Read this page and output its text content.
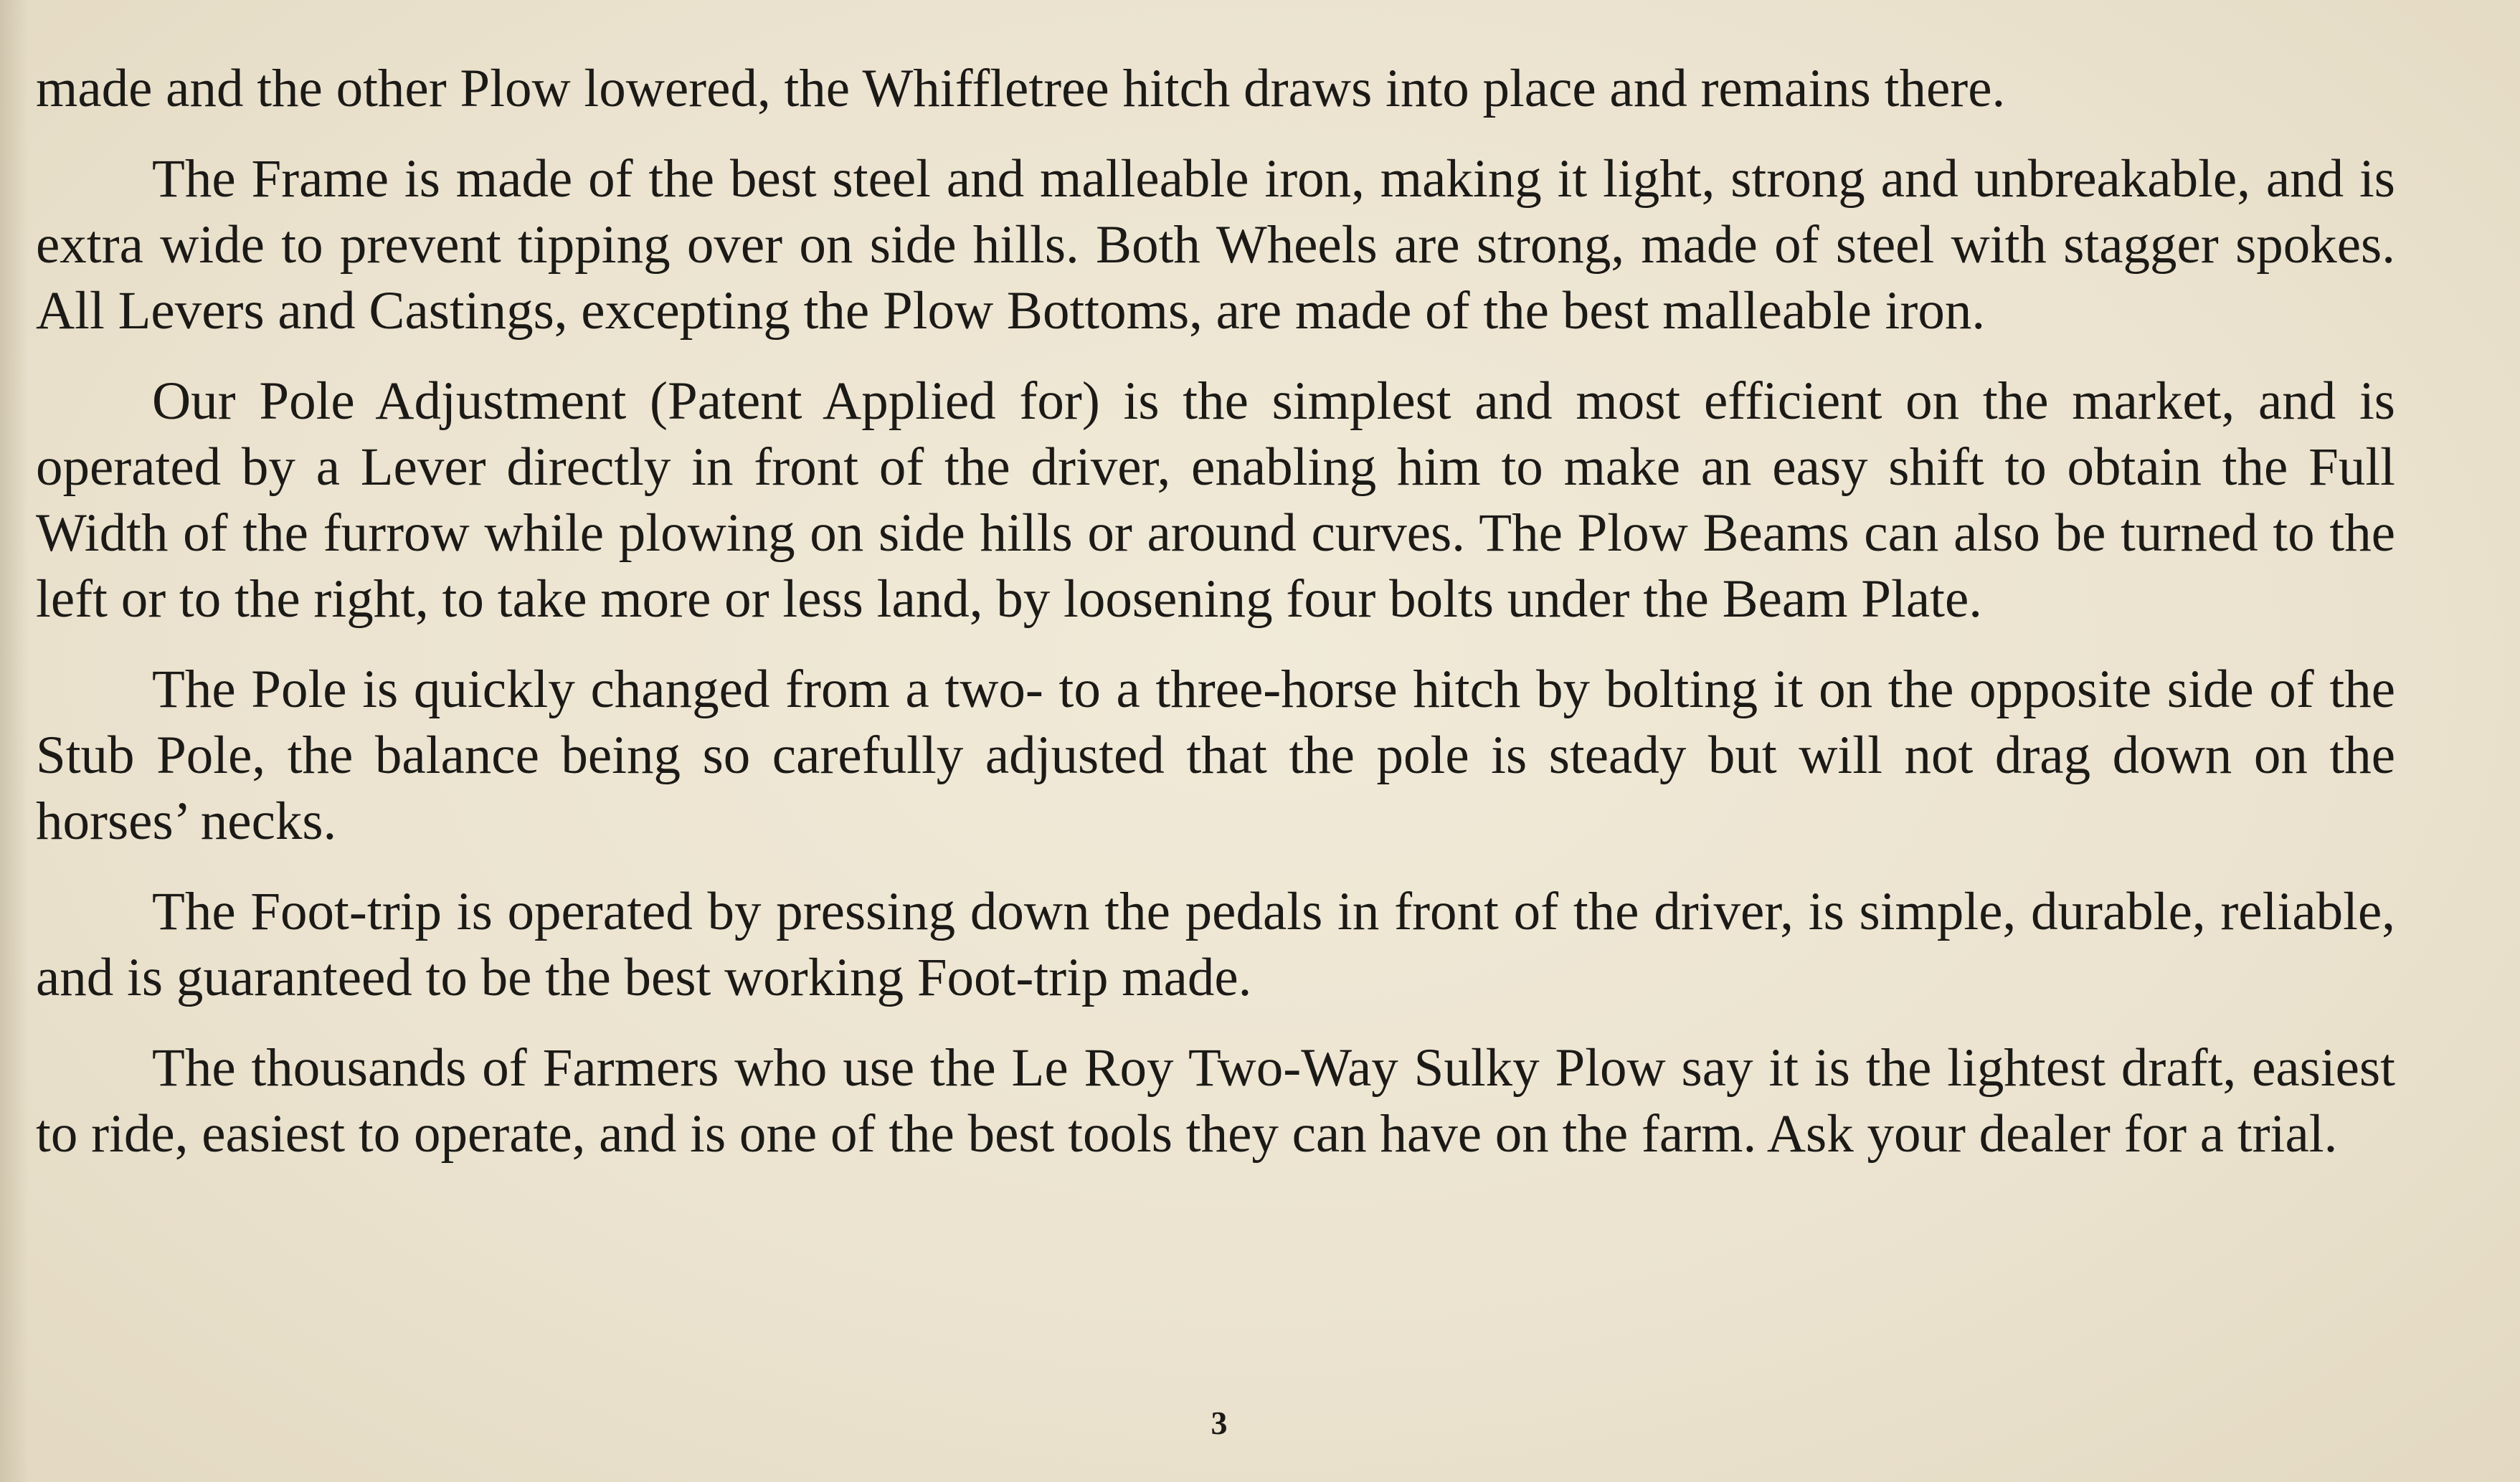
made and the other Plow lowered, the Whiffletree hitch draws into place and remains there.

The Frame is made of the best steel and malleable iron, making it light, strong and unbreakable, and is extra wide to prevent tipping over on side hills. Both Wheels are strong, made of steel with stagger spokes. All Levers and Castings, excepting the Plow Bottoms, are made of the best malleable iron.

Our Pole Adjustment (Patent Applied for) is the simplest and most efficient on the market, and is operated by a Lever directly in front of the driver, enabling him to make an easy shift to obtain the Full Width of the furrow while plowing on side hills or around curves. The Plow Beams can also be turned to the left or to the right, to take more or less land, by loosening four bolts under the Beam Plate.

The Pole is quickly changed from a two- to a three-horse hitch by bolting it on the opposite side of the Stub Pole, the balance being so carefully adjusted that the pole is steady but will not drag down on the horses’ necks.

The Foot-trip is operated by pressing down the pedals in front of the driver, is simple, durable, reliable, and is guaranteed to be the best working Foot-trip made.

The thousands of Farmers who use the Le Roy Two-Way Sulky Plow say it is the lightest draft, easiest to ride, easiest to operate, and is one of the best tools they can have on the farm. Ask your dealer for a trial.

3
